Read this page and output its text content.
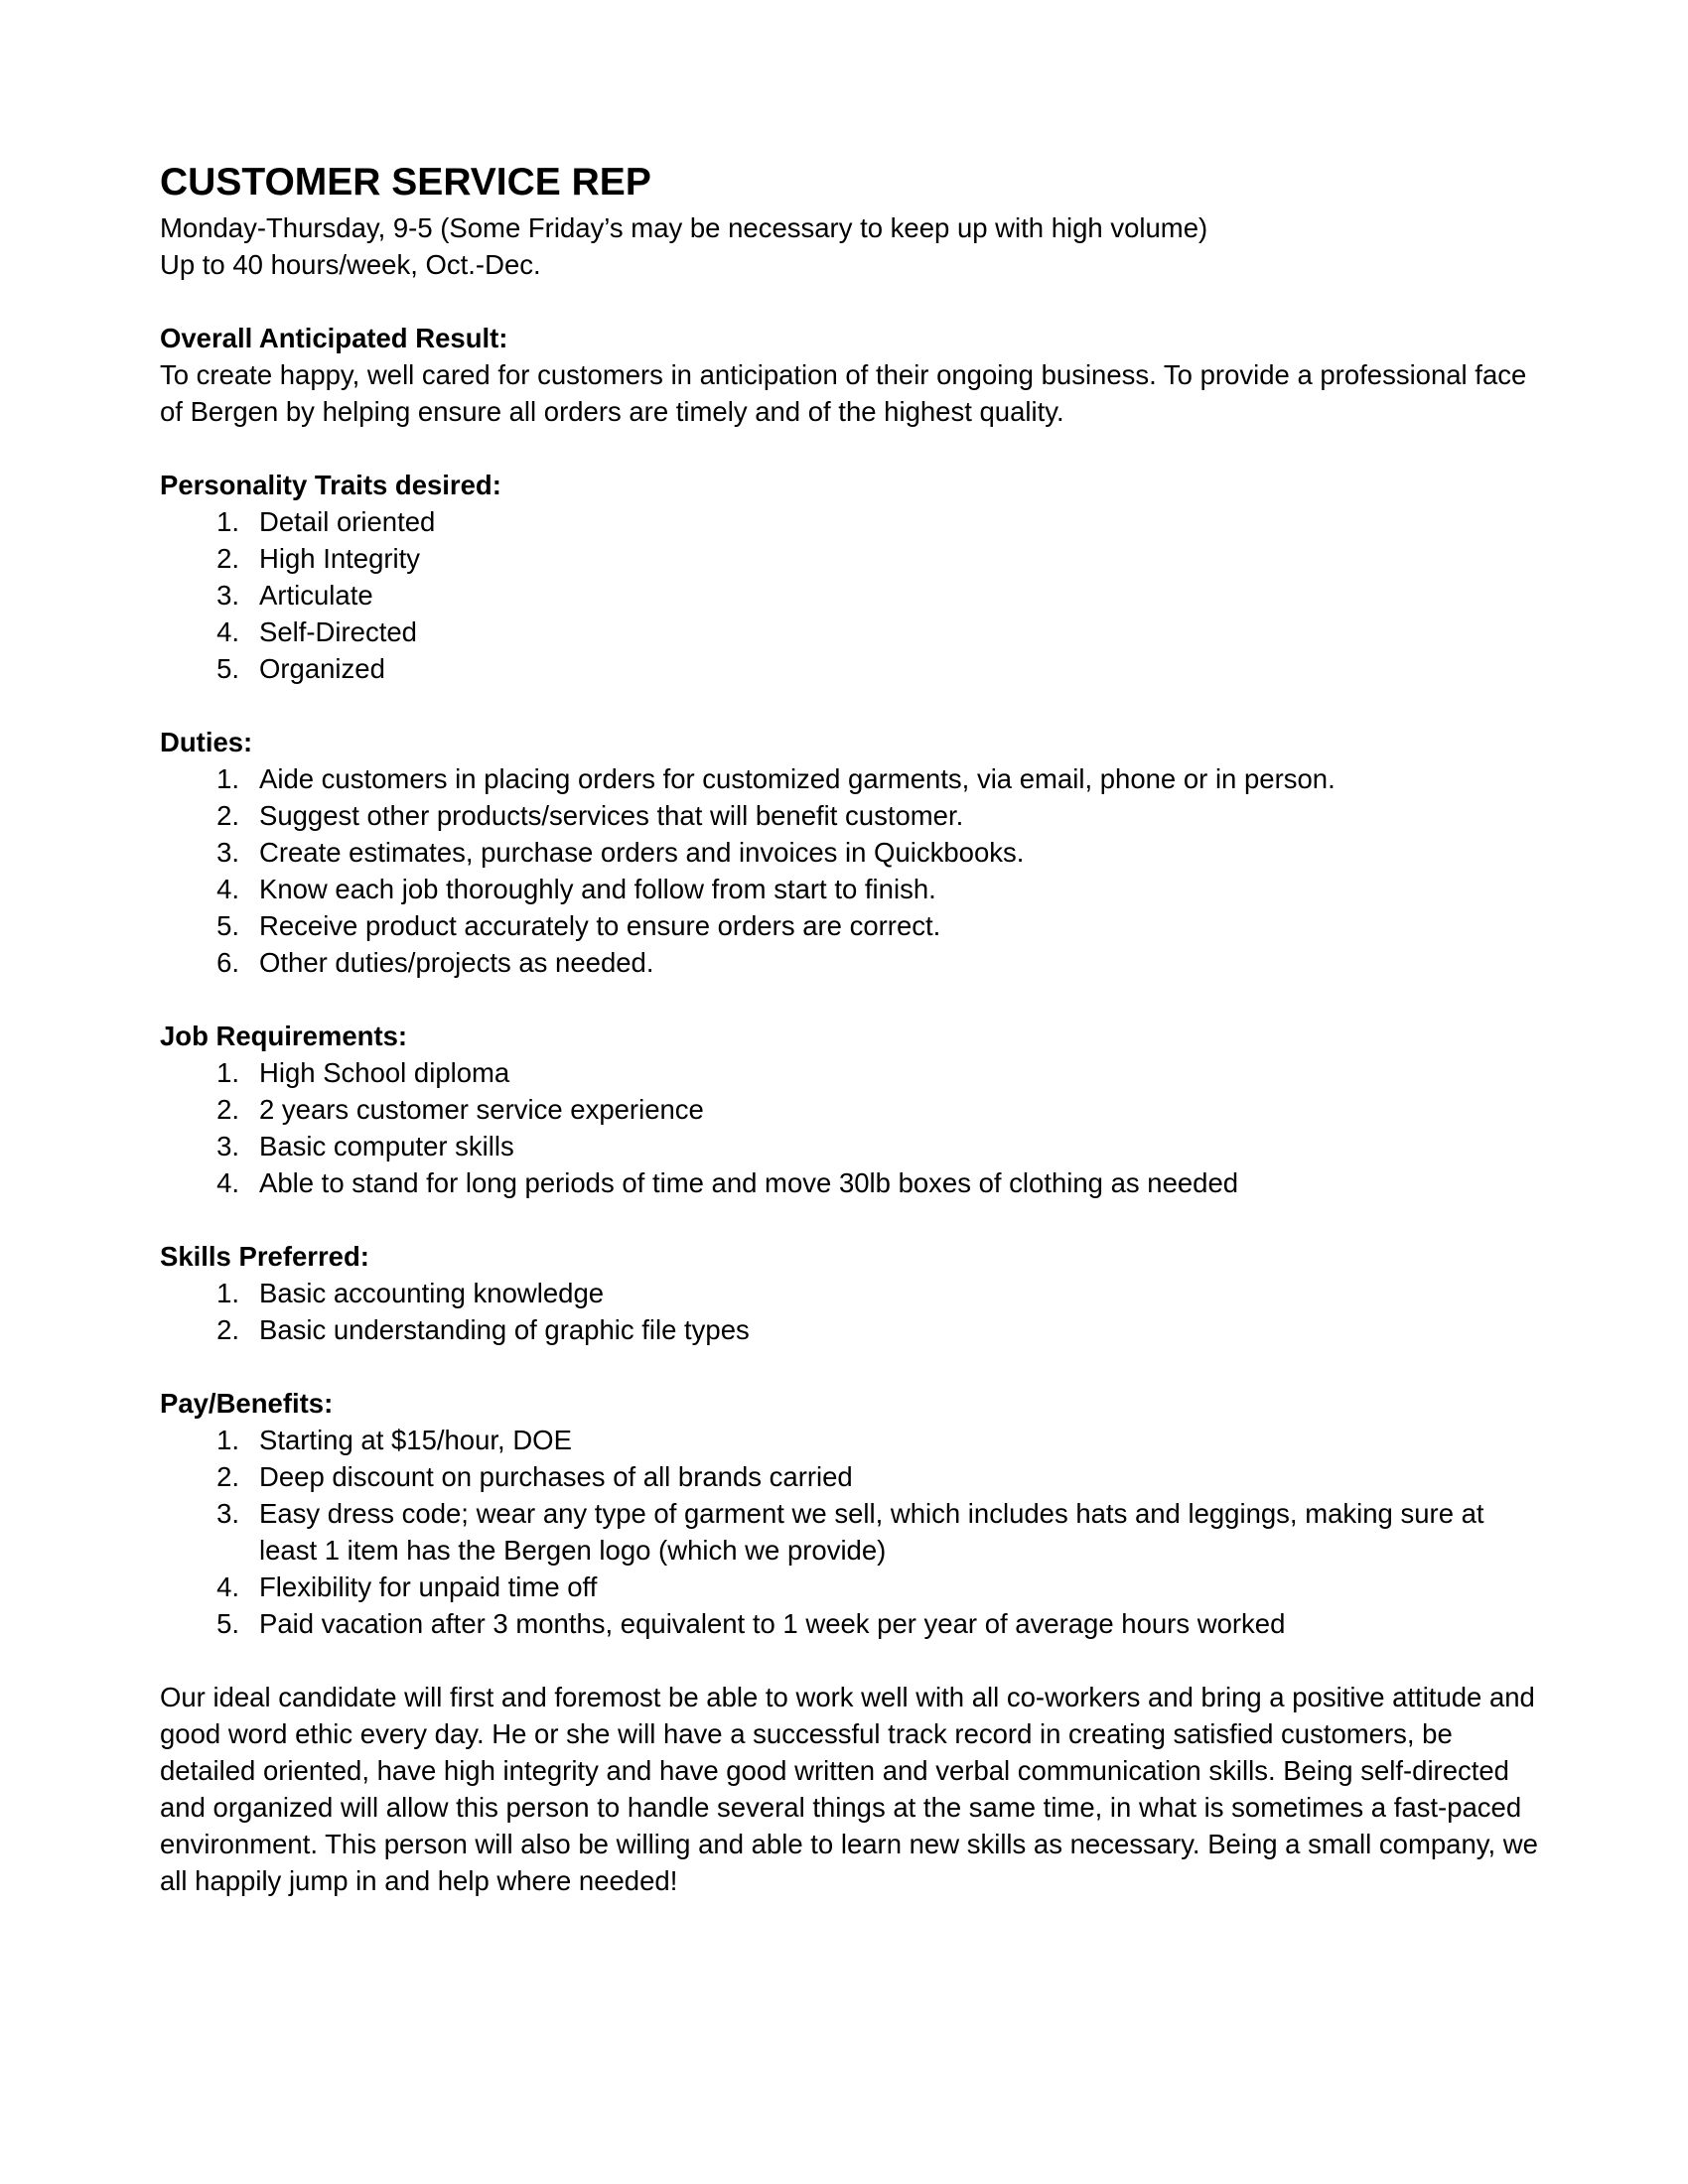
CUSTOMER SERVICE REP
Monday-Thursday, 9-5 (Some Friday’s may be necessary to keep up with high volume)
Up to 40 hours/week, Oct.-Dec.
Overall Anticipated Result:
To create happy, well cared for customers in anticipation of their ongoing business. To provide a professional face of Bergen by helping ensure all orders are timely and of the highest quality.
Personality Traits desired:
1. Detail oriented
2. High Integrity
3. Articulate
4. Self-Directed
5. Organized
Duties:
1. Aide customers in placing orders for customized garments, via email, phone or in person.
2. Suggest other products/services that will benefit customer.
3. Create estimates, purchase orders and invoices in Quickbooks.
4. Know each job thoroughly and follow from start to finish.
5. Receive product accurately to ensure orders are correct.
6. Other duties/projects as needed.
Job Requirements:
1. High School diploma
2. 2 years customer service experience
3. Basic computer skills
4. Able to stand for long periods of time and move 30lb boxes of clothing as needed
Skills Preferred:
1. Basic accounting knowledge
2. Basic understanding of graphic file types
Pay/Benefits:
1. Starting at $15/hour, DOE
2. Deep discount on purchases of all brands carried
3. Easy dress code; wear any type of garment we sell, which includes hats and leggings, making sure at least 1 item has the Bergen logo (which we provide)
4. Flexibility for unpaid time off
5. Paid vacation after 3 months, equivalent to 1 week per year of average hours worked
Our ideal candidate will first and foremost be able to work well with all co-workers and bring a positive attitude and good word ethic every day. He or she will have a successful track record in creating satisfied customers, be detailed oriented, have high integrity and have good written and verbal communication skills. Being self-directed and organized will allow this person to handle several things at the same time, in what is sometimes a fast-paced environment. This person will also be willing and able to learn new skills as necessary. Being a small company, we all happily jump in and help where needed!
